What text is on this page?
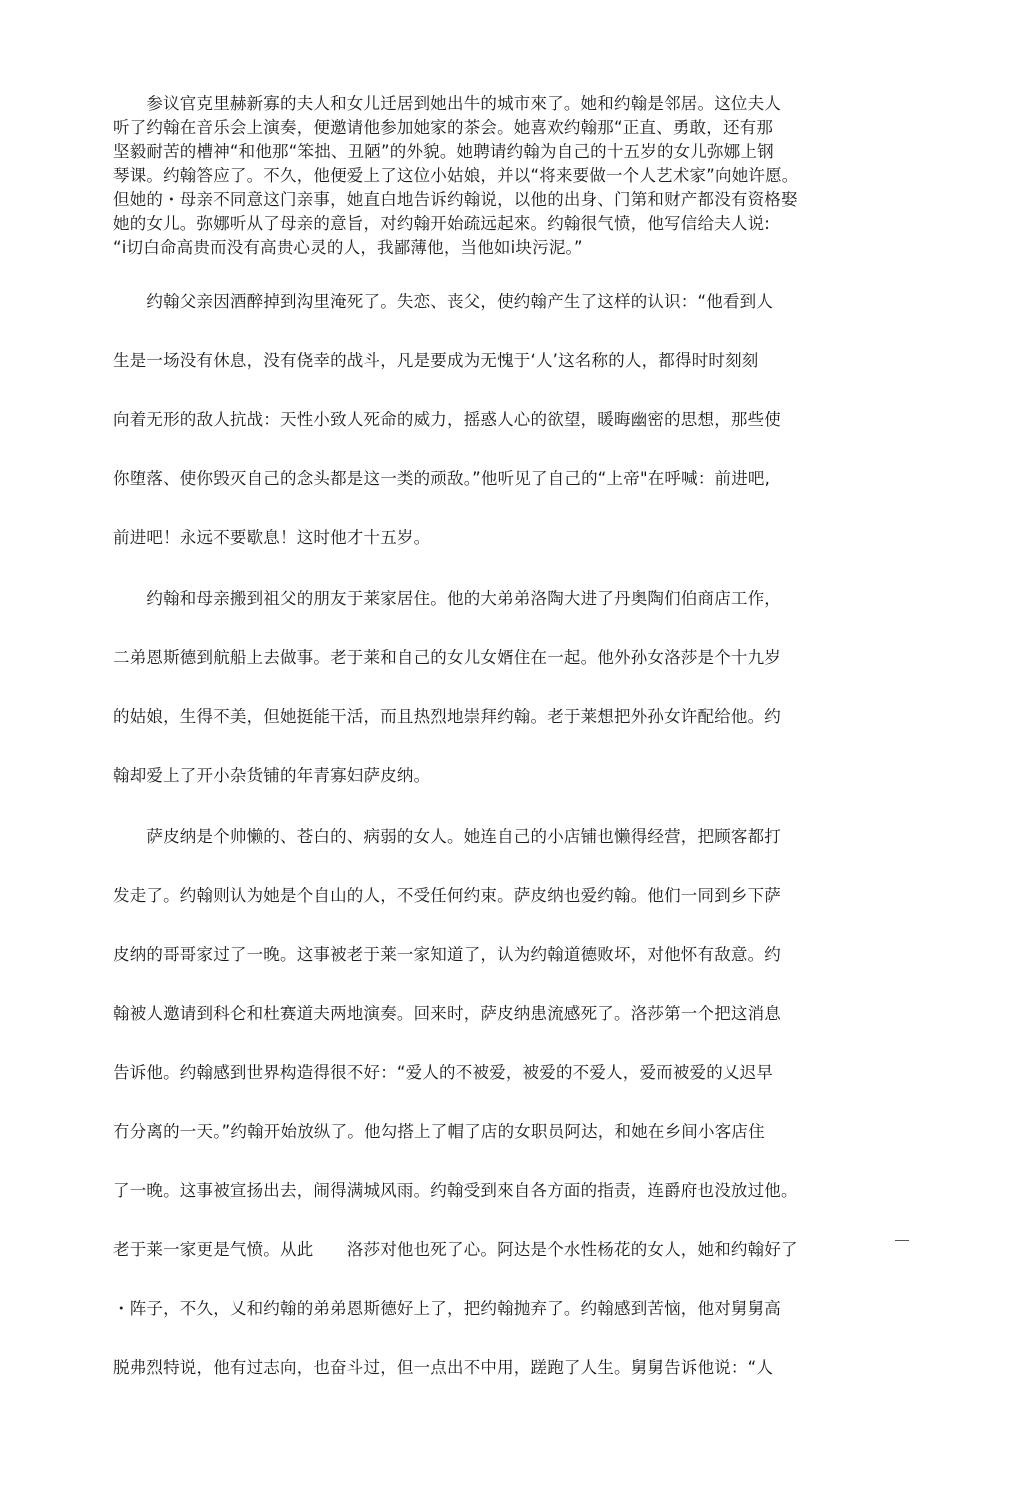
　　参议官克里赫新寡的夫人和女儿迁居到她出牛的城市來了。她和约翰是邻居。这位夫人
听了约翰在音乐会上演奏，便邀请他参加她家的茶会。她喜欢约翰那“正直、勇敢，还有那
坚毅耐苦的槽神“和他那“笨拙、丑陋”的外貌。她聘请约翰为自己的十五岁的女儿弥娜上钢
琴课。约翰答应了。不久，他便爱上了这位小姑娘，并以“将来要做一个人艺术家”向她许愿。
但她的・母亲不同意这门亲事，她直白地告诉约翰说，以他的出身、门第和财产都没有资格娶
她的女儿。弥娜听从了母亲的意旨，对约翰开始疏远起來。约翰很气愤，他写信给夫人说:
“i切白命高贵而没有高贵心灵的人，我鄙薄他，当他如i块污泥。”
　　约翰父亲因酒醉掉到沟里淹死了。失恋、丧父，使约翰产生了这样的认识：“他看到人
生是一场没有休息，没有侥幸的战斗，凡是要成为无愧于‘人’这名称的人，都得时时刻刻
向着无形的敌人抗战：天性小致人死命的威力，摇惑人心的欲望，暖晦幽密的思想，那些使
你堕落、使你毁灭自己的念头都是这一类的顽敌。”他听见了自己的“上帝"在呼喊：前进吧,
前进吧！永远不要歇息！这时他才十五岁。
　　约翰和母亲搬到祖父的朋友于莱家居住。他的大弟弟洛陶大进了丹奥陶们伯商店工作，
二弟恩斯德到航船上去做事。老于莱和自己的女儿女婿住在一起。他外孙女洛莎是个十九岁
的姑娘，生得不美，但她挺能干活，而且热烈地崇拜约翰。老于莱想把外孙女许配给他。约
翰却爱上了开小杂货铺的年青寡妇萨皮纳。
　　萨皮纳是个帅懒的、苍白的、病弱的女人。她连自己的小店铺也懒得经营，把顾客都打
发走了。约翰则认为她是个自山的人，不受任何约束。萨皮纳也爱约翰。他们一同到乡下萨
皮纳的哥哥家过了一晚。这事被老于莱一家知道了，认为约翰道德败坏，对他怀有敌意。约
翰被人邀请到科仑和杜赛道夫两地演奏。回来时，萨皮纳患流感死了。洛莎第一个把这消息
告诉他。约翰感到世界构造得很不好：“爱人的不被爱，被爱的不爱人，爱而被爱的乂迟早
冇分离的一天。”约翰开始放纵了。他勾搭上了帽了店的女职员阿达，和她在乡间小客店住
了一晚。这事被宣扬出去，闹得满城风雨。约翰受到來自各方面的指责，连爵府也没放过他。
老于莱一家更是气愤。从此　　洛莎对他也死了心。阿达是个水性杨花的女人，她和约翰好了
・阵子，不久，乂和约翰的弟弟恩斯德好上了，把约翰抛弃了。约翰感到苦恼，他对舅舅高
脱弗烈特说，他有过志向，也奋斗过，但一点出不中用，蹉跑了人生。舅舅告诉他说：“人
